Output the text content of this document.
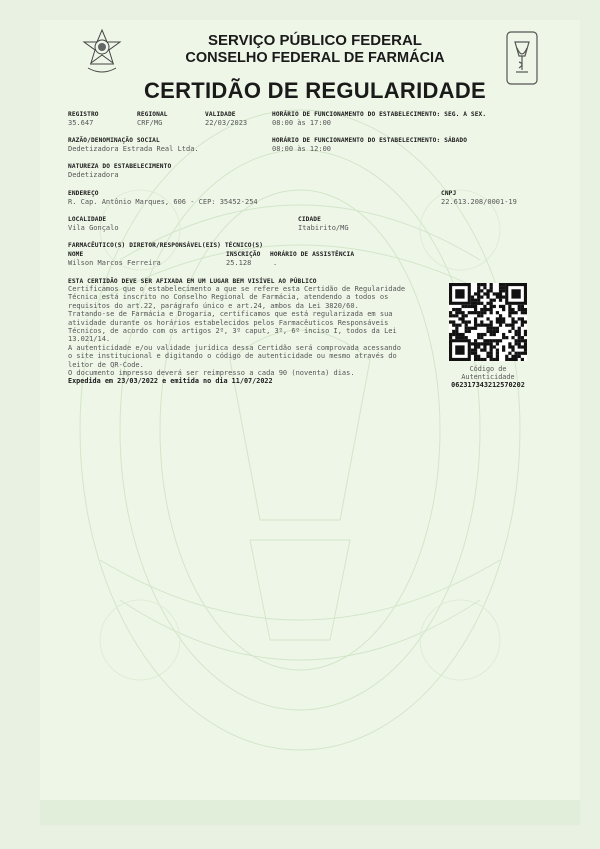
SERVIÇO PÚBLICO FEDERAL
CONSELHO FEDERAL DE FARMÁCIA
CERTIDÃO DE REGULARIDADE
REGISTRO
35.647
REGIONAL
CRF/MG
VALIDADE
22/03/2023
HORÁRIO DE FUNCIONAMENTO DO ESTABELECIMENTO: SEG. A SEX.
08:00 às 17:00
RAZÃO/DENOMINAÇÃO SOCIAL
Dedetizadora Estrada Real Ltda.
HORÁRIO DE FUNCIONAMENTO DO ESTABELECIMENTO: SÁBADO
08:00 às 12:00
NATUREZA DO ESTABELECIMENTO
Dedetizadora
ENDEREÇO
R. Cap. Antônio Marques, 606 - CEP: 35452-254
CNPJ
22.613.208/0001-19
LOCALIDADE
Vila Gonçalo
CIDADE
Itabirito/MG
FARMACÊUTICO(S) DIRETOR/RESPONSÁVEL(EIS) TÉCNICO(S)
NOME	INSCRIÇÃO HORÁRIO DE ASSISTÊNCIA
Wilson Marcos Ferreira	25.128	.
ESTA CERTIDÃO DEVE SER AFIXADA EM UM LUGAR BEM VISÍVEL AO PÚBLICO
Certificamos que o estabelecimento a que se refere esta Certidão de Regularidade
Técnica está inscrito no Conselho Regional de Farmácia, atendendo a todos os
requisitos do art.22, parágrafo único e art.24, ambos da Lei 3820/60.
Tratando-se de Farmácia e Drogaria, certificamos que está regularizada em sua
atividade durante os horários estabelecidos pelos Farmacêuticos Responsáveis
Técnicos, de acordo com os artigos 2º, 3º caput, 3º, 6º inciso I, todos da Lei
13.021/14.
A autenticidade e/ou validade jurídica dessa Certidão será comprovada acessando
o site institucional e digitando o código de autenticidade ou mesmo através do
leitor de QR-Code.
O documento impresso deverá ser reimpresso a cada 90 (noventa) dias.
Expedida em 23/03/2022 e emitida no dia 11/07/2022
Código de
Autenticidade
0623173432125702​02
